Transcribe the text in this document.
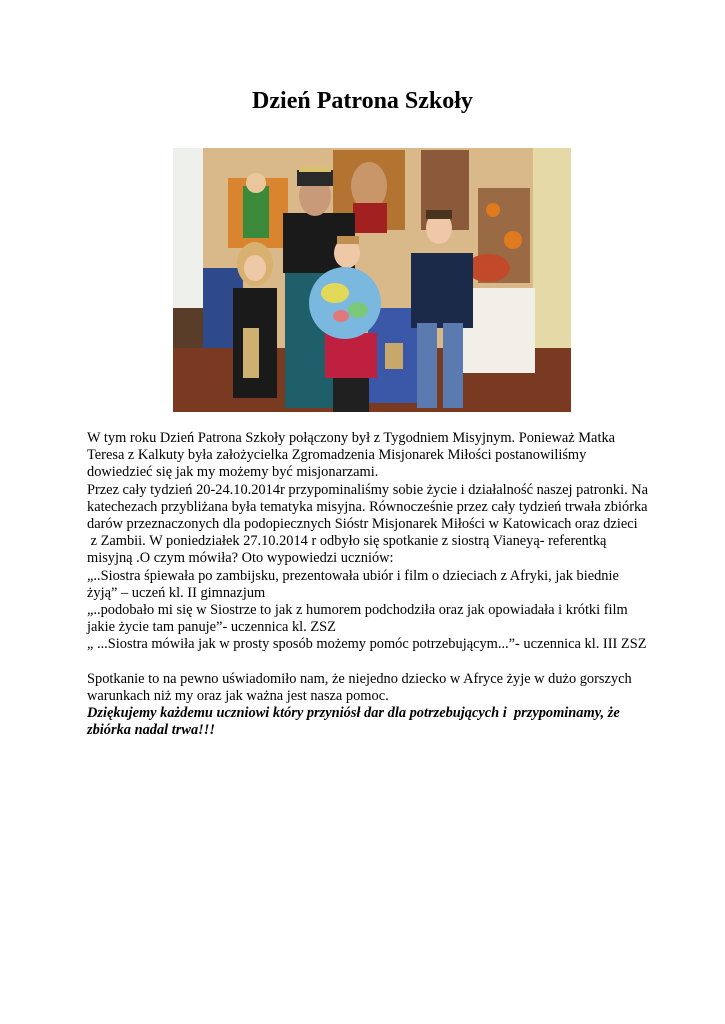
Dzień Patrona Szkoły

W tym roku Dzień Patrona Szkoły połączony był z Tygodniem Misyjnym. Ponieważ Matka

Teresa z Kalkuty była założycielka Zgromadzenia Misjonarek Miłości postanowiliśmy

dowiedzieć się jak my możemy być misjonarzami.

Przez cały tydzień 20-24.10.2014r przypominaliśmy sobie życie i działalność naszej patronki. Na

katechezach przybliżana była tematyka misyjna. Równocześnie przez cały tydzień trwała zbiórka

darów przeznaczonych dla podopiecznych Sióstr Misjonarek Miłości w Katowicach oraz dzieci

z Zambii. W poniedziałek 27.10.2014 r odbyło się spotkanie z siostrą Vianeyą- referentką

misyjną .O czym mówiła? Oto wypowiedzi uczniów:

„..Siostra śpiewała po zambijsku, prezentowała ubiór i film o dzieciach z Afryki, jak biednie

żyją” – uczeń kl. II gimnazjum

„..podobało mi się w Siostrze to jak z humorem podchodziła oraz jak opowiadała i krótki film

jakie życie tam panuje”- uczennica kl. ZSZ

„ ...Siostra mówiła jak w prosty sposób możemy pomóc potrzebującym...”- uczennica kl. III ZSZ

Spotkanie to na pewno uświadomiło nam, że niejedno dziecko w Afryce żyje w dużo gorszych

warunkach niż my oraz jak ważna jest nasza pomoc.

Dziękujemy każdemu uczniowi który przyniósł dar dla potrzebujących i  przypominamy, że

zbiórka nadal trwa!!!
